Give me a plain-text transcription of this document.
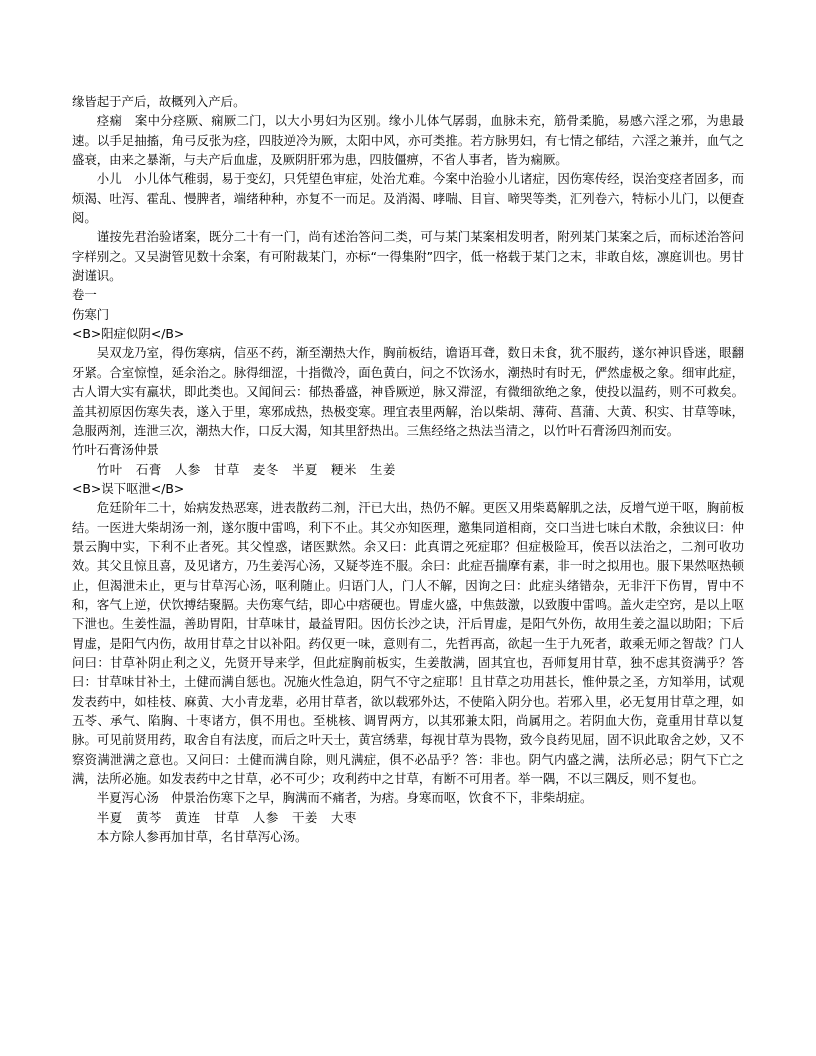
缘皆起于产后，故概列入产后。

痉痫　案中分痉厥、痫厥二门，以大小男妇为区别。缘小儿体气孱弱，血脉未充，筋骨柔脆，易感六淫之邪，为患最速。以手足抽搐，角弓反张为痉，四肢逆冷为厥，太阳中风，亦可类推。若方脉男妇，有七情之郁结，六淫之兼并，血气之盛衰，由来之暴渐，与夫产后血虚，及厥阴肝邪为患，四肢僵痹，不省人事者，皆为痫厥。

小儿　小儿体气稚弱，易于变幻，只凭望色审症，处治尤难。今案中治验小儿诸症，因伤寒传经，误治变痉者固多，而烦渴、吐泻、霍乱、慢脾者，端绪种种，亦复不一而足。及消渴、哮喘、目盲、啼哭等类，汇列卷六，特标小儿门，以便查阅。

谨按先君治验诸案，既分二十有一门，尚有述治答问二类，可与某门某案相发明者，附列某门某案之后，而标述治答问字样别之。又吴澍管见数十余案，有可附裁某门，亦标“一得集附”四字，低一格载于某门之末，非敢自炫，凛庭训也。男甘澍谨识。

卷一

伤寒门

<B>阳症似阴</B>

吴双龙乃室，得伤寒病，信巫不药，渐至潮热大作，胸前板结，谵语耳聋，数日未食，犹不服药，遂尔神识昏迷，眼翻牙紧。合室惊惶，延余治之。脉得细涩，十指微冷，面色黄白，问之不饮汤水，潮热时有时无，俨然虚极之象。细审此症，古人谓大实有羸状，即此类也。又闻间云：郁热番盛，神昏厥逆，脉又滞涩，有微细欲绝之象，使投以温药，则不可救矣。盖其初原因伤寒失表，遂入于里，寒邪成热，热极变寒。理宜表里两解，治以柴胡、薄荷、菖蒲、大黄、积实、甘草等味，急服两剂，连泄三次，潮热大作，口反大渴，知其里舒热出。三焦经络之热法当清之，以竹叶石膏汤四剂而安。

竹叶石膏汤仲景

竹叶　石膏　人参　甘草　麦冬　半夏　粳米　生姜

<B>误下呕泄</B>

危廷阶年二十，始病发热恶寒，进表散药二剂，汗已大出，热仍不解。更医又用柴葛解肌之法，反增气逆干呕，胸前板结。一医进大柴胡汤一剂，遂尔腹中雷鸣，利下不止。其父亦知医理，邀集同道相商，交口当进七味白术散，余独议曰：仲景云胸中实，下利不止者死。其父惶惑，诸医默然。余又曰：此真谓之死症耶？但症极险耳，俟吾以法治之，二剂可收功效。其父且惊且喜，及见诸方，乃生姜泻心汤，又疑苓连不服。余曰：此症吾揣摩有素，非一时之拟用也。服下果然呕热顿止，但渴泄未止，更与甘草泻心汤，呕利随止。归语门人，门人不解，因询之曰：此症头绪错杂，无非汗下伤胃，胃中不和，客气上逆，伏饮搏结聚膈。夫伤寒气结，即心中痞硬也。胃虚火盛，中焦鼓激，以致腹中雷鸣。盖火走空窍，是以上呕下泄也。生姜性温，善助胃阳，甘草味甘，最益胃阳。因仿长沙之诀，汗后胃虚，是阳气外伤，故用生姜之温以助阳；下后胃虚，是阳气内伤，故用甘草之甘以补阳。药仅更一味，意则有二，先哲再高，欲起一生于九死者，敢乘无师之智哉？门人问曰：甘草补阴止利之义，先贤开导来学，但此症胸前板实，生姜散满，固其宜也，吾师复用甘草，独不虑其资满乎？答曰：甘草味甘补土，土健而满自惩也。况施火性急迫，阴气不守之症耶！且甘草之功用甚长，惟仲景之圣，方知举用，试观发表药中，如桂枝、麻黄、大小青龙辈，必用甘草者，欲以载邪外达，不使陷入阴分也。若邪入里，必无复用甘草之理，如五苓、承气、陷胸、十枣诸方，俱不用也。至桃核、调胃两方，以其邪兼太阳，尚属用之。若阴血大伤，竟重用甘草以复脉。可见前贤用药，取舍自有法度，而后之叶天士，黄宫绣辈，每视甘草为畏物，致今良药见屈，固不识此取舍之妙，又不察资满泄满之意也。又问曰：土健而满自除，则凡满症，俱不必品乎？答：非也。阴气内盛之满，法所必忌；阴气下亡之满，法所必施。如发表药中之甘草，必不可少；攻利药中之甘草，有断不可用者。举一隅，不以三隅反，则不复也。

半夏泻心汤　仲景治伤寒下之早，胸满而不痛者，为痞。身寒而呕，饮食不下，非柴胡症。

半夏　黄芩　黄连　甘草　人参　干姜　大枣

本方除人参再加甘草，名甘草泻心汤。
